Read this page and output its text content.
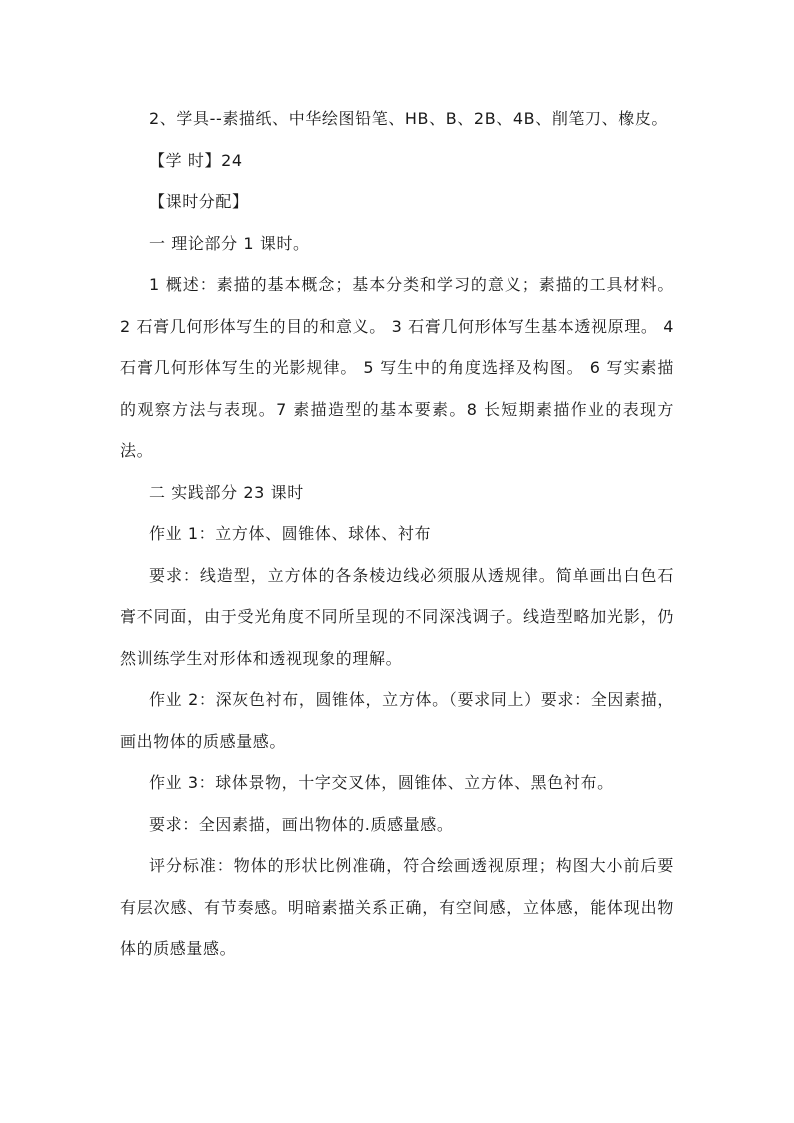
2、学具--素描纸、中华绘图铅笔、HB、B、2B、4B、削笔刀、橡皮。

【学 时】24

【课时分配】

一 理论部分 1 课时。

1 概述：素描的基本概念；基本分类和学习的意义；素描的工具材料。2 石膏几何形体写生的目的和意义。 3 石膏几何形体写生基本透视原理。 4 石膏几何形体写生的光影规律。 5 写生中的角度选择及构图。 6 写实素描的观察方法与表现。7 素描造型的基本要素。8 长短期素描作业的表现方法。

二 实践部分 23 课时

作业 1：立方体、圆锥体、球体、衬布

要求：线造型，立方体的各条棱边线必须服从透规律。简单画出白色石膏不同面，由于受光角度不同所呈现的不同深浅调子。线造型略加光影，仍然训练学生对形体和透视现象的理解。

作业 2：深灰色衬布，圆锥体，立方体。（要求同上）要求：全因素描，画出物体的质感量感。

作业 3：球体景物，十字交叉体，圆锥体、立方体、黑色衬布。

要求：全因素描，画出物体的.质感量感。

评分标准：物体的形状比例准确，符合绘画透视原理；构图大小前后要有层次感、有节奏感。明暗素描关系正确，有空间感，立体感，能体现出物体的质感量感。
